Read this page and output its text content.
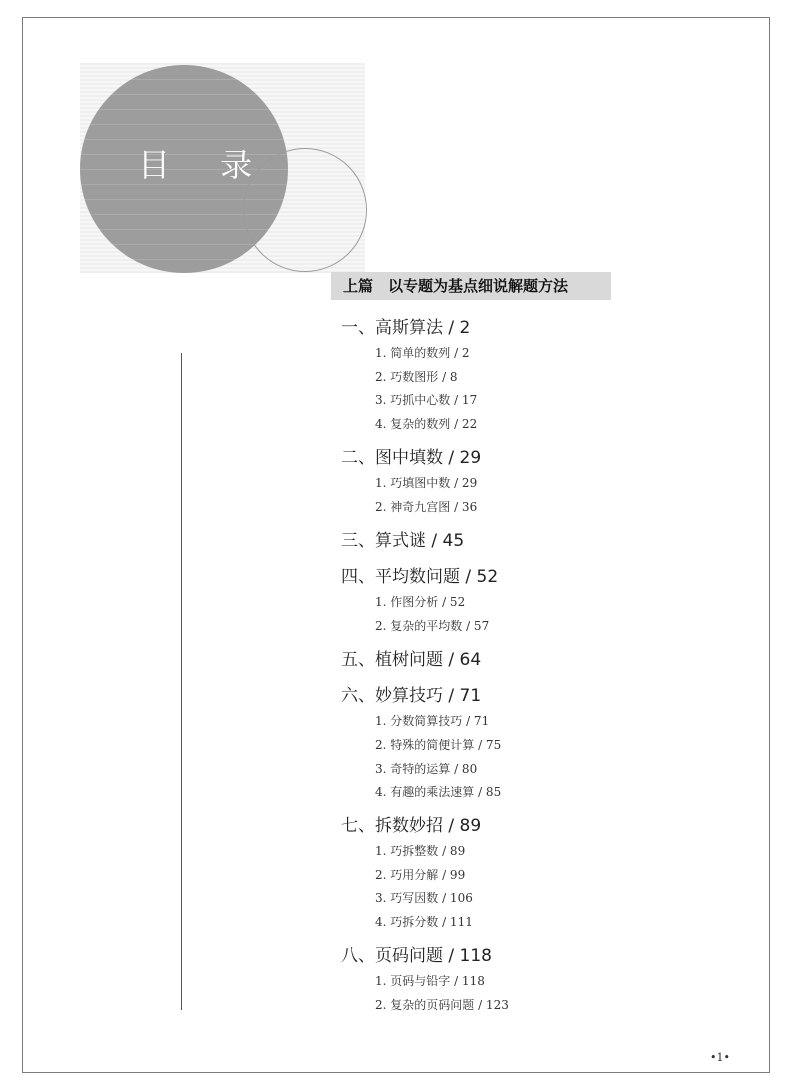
目 录
上篇　以专题为基点细说解题方法
一、高斯算法 / 2
1. 简单的数列 / 2
2. 巧数图形 / 8
3. 巧抓中心数 / 17
4. 复杂的数列 / 22
二、图中填数 / 29
1. 巧填图中数 / 29
2. 神奇九宫图 / 36
三、算式谜 / 45
四、平均数问题 / 52
1. 作图分析 / 52
2. 复杂的平均数 / 57
五、植树问题 / 64
六、妙算技巧 / 71
1. 分数简算技巧 / 71
2. 特殊的简便计算 / 75
3. 奇特的运算 / 80
4. 有趣的乘法速算 / 85
七、拆数妙招 / 89
1. 巧拆整数 / 89
2. 巧用分解 / 99
3. 巧写因数 / 106
4. 巧拆分数 / 111
八、页码问题 / 118
1. 页码与铅字 / 118
2. 复杂的页码问题 / 123
•1•
